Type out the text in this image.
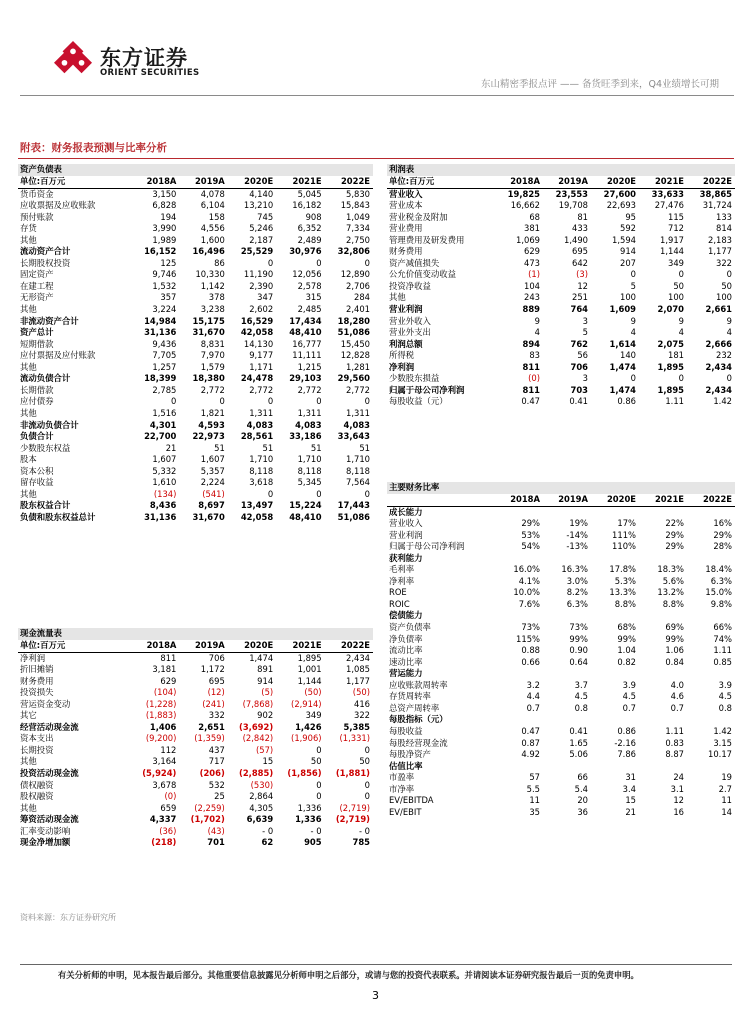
东方证券
ORIENT SECURITIES
东山精密季报点评 —— 备货旺季到来，Q4业绩增长可期
附表：财务报表预测与比率分析
资产负债表					
单位:百万元	2018A	2019A	2020E	2021E	2022E
货币资金	3,150	4,078	4,140	5,045	5,830
应收票据及应收账款	6,828	6,104	13,210	16,182	15,843
预付账款	194	158	745	908	1,049
存货	3,990	4,556	5,246	6,352	7,334
其他	1,989	1,600	2,187	2,489	2,750
流动资产合计	16,152	16,496	25,529	30,976	32,806
长期股权投资	125	86	0	0	0
固定资产	9,746	10,330	11,190	12,056	12,890
在建工程	1,532	1,142	2,390	2,578	2,706
无形资产	357	378	347	315	284
其他	3,224	3,238	2,602	2,485	2,401
非流动资产合计	14,984	15,175	16,529	17,434	18,280
资产总计	31,136	31,670	42,058	48,410	51,086
短期借款	9,436	8,831	14,130	16,777	15,450
应付票据及应付账款	7,705	7,970	9,177	11,111	12,828
其他	1,257	1,579	1,171	1,215	1,281
流动负债合计	18,399	18,380	24,478	29,103	29,560
长期借款	2,785	2,772	2,772	2,772	2,772
应付债券	0	0	0	0	0
其他	1,516	1,821	1,311	1,311	1,311
非流动负债合计	4,301	4,593	4,083	4,083	4,083
负债合计	22,700	22,973	28,561	33,186	33,643
少数股东权益	21	51	51	51	51
股本	1,607	1,607	1,710	1,710	1,710
资本公积	5,332	5,357	8,118	8,118	8,118
留存收益	1,610	2,224	3,618	5,345	7,564
其他	(134)	(541)	0	0	0
股东权益合计	8,436	8,697	13,497	15,224	17,443
负债和股东权益总计	31,136	31,670	42,058	48,410	51,086
现金流量表					
单位:百万元	2018A	2019A	2020E	2021E	2022E
净利润	811	706	1,474	1,895	2,434
折旧摊销	3,181	1,172	891	1,001	1,085
财务费用	629	695	914	1,144	1,177
投资损失	(104)	(12)	(5)	(50)	(50)
营运资金变动	(1,228)	(241)	(7,868)	(2,914)	416
其它	(1,883)	332	902	349	322
经营活动现金流	1,406	2,651	(3,692)	1,426	5,385
资本支出	(9,200)	(1,359)	(2,842)	(1,906)	(1,331)
长期投资	112	437	(57)	0	0
其他	3,164	717	15	50	50
投资活动现金流	(5,924)	(206)	(2,885)	(1,856)	(1,881)
债权融资	3,678	532	(530)	0	0
股权融资	(0)	25	2,864	0	0
其他	659	(2,259)	4,305	1,336	(2,719)
筹资活动现金流	4,337	(1,702)	6,639	1,336	(2,719)
汇率变动影响	(36)	(43)	- 0	- 0	- 0
现金净增加额	(218)	701	62	905	785
利润表					
单位:百万元	2018A	2019A	2020E	2021E	2022E
营业收入	19,825	23,553	27,600	33,633	38,865
营业成本	16,662	19,708	22,693	27,476	31,724
营业税金及附加	68	81	95	115	133
营业费用	381	433	592	712	814
管理费用及研发费用	1,069	1,490	1,594	1,917	2,183
财务费用	629	695	914	1,144	1,177
资产减值损失	473	642	207	349	322
公允价值变动收益	(1)	(3)	0	0	0
投资净收益	104	12	5	50	50
其他	243	251	100	100	100
营业利润	889	764	1,609	2,070	2,661
营业外收入	9	3	9	9	9
营业外支出	4	5	4	4	4
利润总额	894	762	1,614	2,075	2,666
所得税	83	56	140	181	232
净利润	811	706	1,474	1,895	2,434
少数股东损益	(0)	3	0	0	0
归属于母公司净利润	811	703	1,474	1,895	2,434
每股收益（元）	0.47	0.41	0.86	1.11	1.42
主要财务比率					
	2018A	2019A	2020E	2021E	2022E
成长能力					
营业收入	29%	19%	17%	22%	16%
营业利润	53%	-14%	111%	29%	29%
归属于母公司净利润	54%	-13%	110%	29%	28%
获利能力					
毛利率	16.0%	16.3%	17.8%	18.3%	18.4%
净利率	4.1%	3.0%	5.3%	5.6%	6.3%
ROE	10.0%	8.2%	13.3%	13.2%	15.0%
ROIC	7.6%	6.3%	8.8%	8.8%	9.8%
偿债能力					
资产负债率	73%	73%	68%	69%	66%
净负债率	115%	99%	99%	99%	74%
流动比率	0.88	0.90	1.04	1.06	1.11
速动比率	0.66	0.64	0.82	0.84	0.85
营运能力					
应收账款周转率	3.2	3.7	3.9	4.0	3.9
存货周转率	4.4	4.5	4.5	4.6	4.5
总资产周转率	0.7	0.8	0.7	0.7	0.8
每股指标（元）					
每股收益	0.47	0.41	0.86	1.11	1.42
每股经营现金流	0.87	1.65	-2.16	0.83	3.15
每股净资产	4.92	5.06	7.86	8.87	10.17
估值比率					
市盈率	57	66	31	24	19
市净率	5.5	5.4	3.4	3.1	2.7
EV/EBITDA	11	20	15	12	11
EV/EBIT	35	36	21	16	14
资料来源：东方证券研究所
有关分析师的申明，见本报告最后部分。其他重要信息披露见分析师申明之后部分，或请与您的投资代表联系。并请阅读本证券研究报告最后一页的免责申明。
3
